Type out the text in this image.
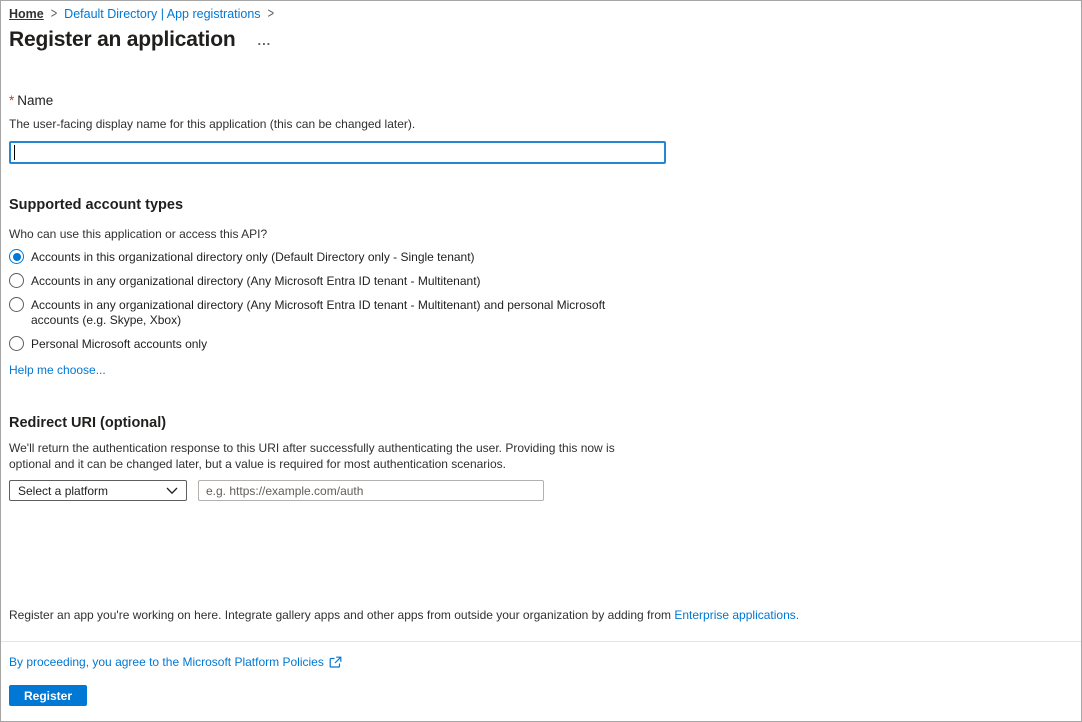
Home > Default Directory | App registrations >
Register an application ...
* Name
The user-facing display name for this application (this can be changed later).
Supported account types
Who can use this application or access this API?
Accounts in this organizational directory only (Default Directory only - Single tenant)
Accounts in any organizational directory (Any Microsoft Entra ID tenant - Multitenant)
Accounts in any organizational directory (Any Microsoft Entra ID tenant - Multitenant) and personal Microsoft accounts (e.g. Skype, Xbox)
Personal Microsoft accounts only
Help me choose...
Redirect URI (optional)
We'll return the authentication response to this URI after successfully authenticating the user. Providing this now is optional and it can be changed later, but a value is required for most authentication scenarios.
Select a platform
e.g. https://example.com/auth
Register an app you're working on here. Integrate gallery apps and other apps from outside your organization by adding from Enterprise applications.
By proceeding, you agree to the Microsoft Platform Policies
Register
